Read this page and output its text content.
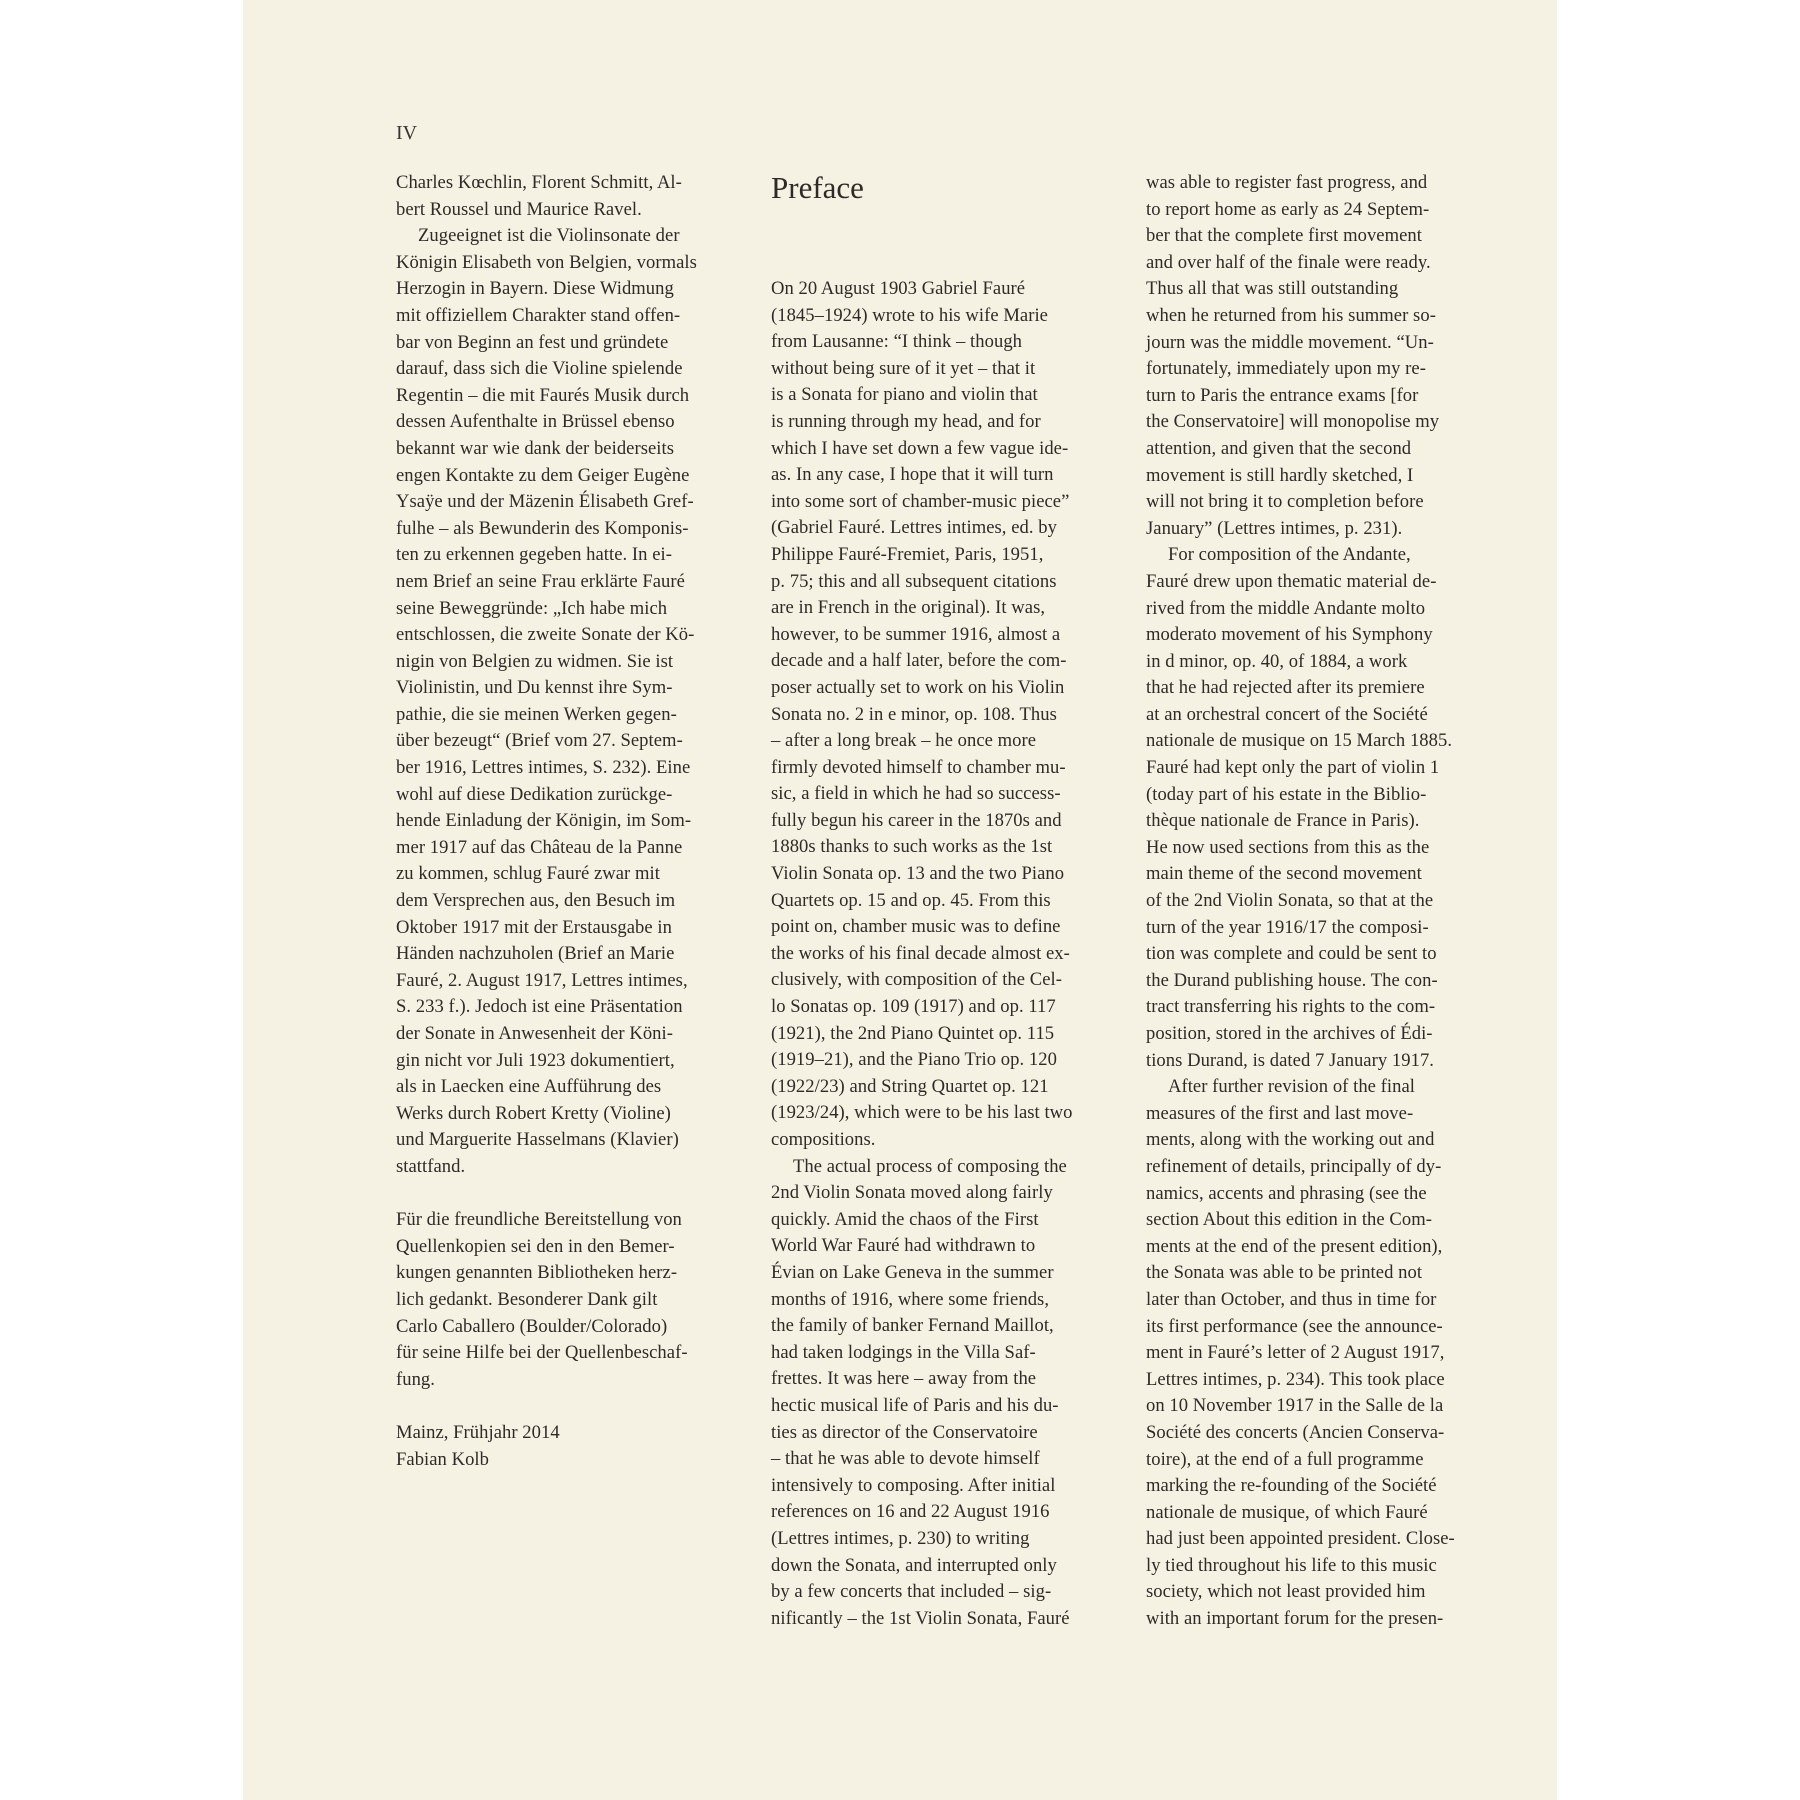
IV

Charles Kœchlin, Florent Schmitt, Al-
bert Roussel und Maurice Ravel.
Zugeeignet ist die Violinsonate der
Königin Elisabeth von Belgien, vormals
Herzogin in Bayern. Diese Widmung
mit offiziellem Charakter stand offen-
bar von Beginn an fest und gründete
darauf, dass sich die Violine spielende
Regentin – die mit Faurés Musik durch
dessen Aufenthalte in Brüssel ebenso
bekannt war wie dank der beiderseits
engen Kontakte zu dem Geiger Eugène
Ysaÿe und der Mäzenin Élisabeth Gref-
fulhe – als Bewunderin des Komponis-
ten zu erkennen gegeben hatte. In ei-
nem Brief an seine Frau erklärte Fauré
seine Beweggründe: „Ich habe mich
entschlossen, die zweite Sonate der Kö-
nigin von Belgien zu widmen. Sie ist
Violinistin, und Du kennst ihre Sym-
pathie, die sie meinen Werken gegen-
über bezeugt“ (Brief vom 27. Septem-
ber 1916, Lettres intimes, S. 232). Eine
wohl auf diese Dedikation zurückge-
hende Einladung der Königin, im Som-
mer 1917 auf das Château de la Panne
zu kommen, schlug Fauré zwar mit
dem Versprechen aus, den Besuch im
Oktober 1917 mit der Erstausgabe in
Händen nachzuholen (Brief an Marie
Fauré, 2. August 1917, Lettres intimes,
S. 233 f.). Jedoch ist eine Präsentation
der Sonate in Anwesenheit der Köni-
gin nicht vor Juli 1923 dokumentiert,
als in Laecken eine Aufführung des
Werks durch Robert Kretty (Violine)
und Marguerite Hasselmans (Klavier)
stattfand.
Für die freundliche Bereitstellung von
Quellenkopien sei den in den Bemer-
kungen genannten Bibliotheken herz-
lich gedankt. Besonderer Dank gilt
Carlo Caballero (Boulder/Colorado)
für seine Hilfe bei der Quellenbeschaf-
fung.
Mainz, Frühjahr 2014
Fabian Kolb
Preface
On 20 August 1903 Gabriel Fauré
(1845–1924) wrote to his wife Marie
from Lausanne: “I think – though
without being sure of it yet – that it
is a Sonata for piano and violin that
is running through my head, and for
which I have set down a few vague ide-
as. In any case, I hope that it will turn
into some sort of chamber-music piece”
(Gabriel Fauré. Lettres intimes, ed. by
Philippe Fauré-Fremiet, Paris, 1951,
p. 75; this and all subsequent citations
are in French in the original). It was,
however, to be summer 1916, almost a
decade and a half later, before the com-
poser actually set to work on his Violin
Sonata no. 2 in e minor, op. 108. Thus
– after a long break – he once more
firmly devoted himself to chamber mu-
sic, a field in which he had so success-
fully begun his career in the 1870s and
1880s thanks to such works as the 1st
Violin Sonata op. 13 and the two Piano
Quartets op. 15 and op. 45. From this
point on, chamber music was to define
the works of his final decade almost ex-
clusively, with composition of the Cel-
lo Sonatas op. 109 (1917) and op. 117
(1921), the 2nd Piano Quintet op. 115
(1919–21), and the Piano Trio op. 120
(1922/23) and String Quartet op. 121
(1923/24), which were to be his last two
compositions.
The actual process of composing the
2nd Violin Sonata moved along fairly
quickly. Amid the chaos of the First
World War Fauré had withdrawn to
Évian on Lake Geneva in the summer
months of 1916, where some friends,
the family of banker Fernand Maillot,
had taken lodgings in the Villa Saf-
frettes. It was here – away from the
hectic musical life of Paris and his du-
ties as director of the Conservatoire
– that he was able to devote himself
intensively to composing. After initial
references on 16 and 22 August 1916
(Lettres intimes, p. 230) to writing
down the Sonata, and interrupted only
by a few concerts that included – sig-
nificantly – the 1st Violin Sonata, Fauré
was able to register fast progress, and
to report home as early as 24 Septem-
ber that the complete first movement
and over half of the finale were ready.
Thus all that was still outstanding
when he returned from his summer so-
journ was the middle movement. “Un-
fortunately, immediately upon my re-
turn to Paris the entrance exams [for
the Conservatoire] will monopolise my
attention, and given that the second
movement is still hardly sketched, I
will not bring it to completion before
January” (Lettres intimes, p. 231).
For composition of the Andante,
Fauré drew upon thematic material de-
rived from the middle Andante molto
moderato movement of his Symphony
in d minor, op. 40, of 1884, a work
that he had rejected after its premiere
at an orchestral concert of the Société
nationale de musique on 15 March 1885.
Fauré had kept only the part of violin 1
(today part of his estate in the Biblio-
thèque nationale de France in Paris).
He now used sections from this as the
main theme of the second movement
of the 2nd Violin Sonata, so that at the
turn of the year 1916/17 the composi-
tion was complete and could be sent to
the Durand publishing house. The con-
tract transferring his rights to the com-
position, stored in the archives of Édi-
tions Durand, is dated 7 January 1917.
After further revision of the final
measures of the first and last move-
ments, along with the working out and
refinement of details, principally of dy-
namics, accents and phrasing (see the
section About this edition in the Com-
ments at the end of the present edition),
the Sonata was able to be printed not
later than October, and thus in time for
its first performance (see the announce-
ment in Fauré’s letter of 2 August 1917,
Lettres intimes, p. 234). This took place
on 10 November 1917 in the Salle de la
Société des concerts (Ancien Conserva-
toire), at the end of a full programme
marking the re-founding of the Société
nationale de musique, of which Fauré
had just been appointed president. Close-
ly tied throughout his life to this music
society, which not least provided him
with an important forum for the presen-
